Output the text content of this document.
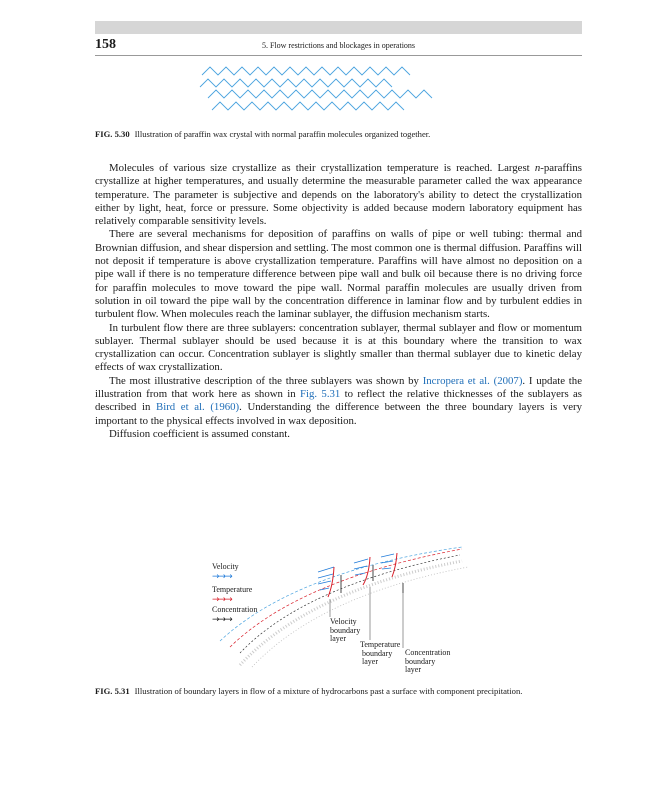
158	5. Flow restrictions and blockages in operations
FIG. 5.30 Illustration of paraffin wax crystal with normal paraffin molecules organized together.

Molecules of various size crystallize as their crystallization temperature is reached. Largest n-paraffins crystallize at higher temperatures, and usually determine the measurable parameter called the wax appearance temperature. The parameter is subjective and depends on the laboratory's ability to detect the crystallization either by light, heat, force or pressure. Some objectivity is added because modern laboratory equipment has relatively comparable sensitivity levels.

There are several mechanisms for deposition of paraffins on walls of pipe or well tubing: thermal and Brownian diffusion, and shear dispersion and settling. The most common one is thermal diffusion. Paraffins will not deposit if temperature is above crystallization temperature. Paraffins will have almost no deposition on a pipe wall if there is no temperature difference between pipe wall and bulk oil because there is no driving force for paraffin molecules to move toward the pipe wall. Normal paraffin molecules are usually driven from solution in oil toward the pipe wall by the concentration difference in laminar flow and by turbulent eddies in turbulent flow. When molecules reach the laminar sublayer, the diffusion mechanism starts.

In turbulent flow there are three sublayers: concentration sublayer, thermal sublayer and flow or momentum sublayer. Thermal sublayer should be used because it is at this boundary where the transition to wax crystallization can occur. Concentration sublayer is slightly smaller than thermal sublayer due to kinetic delay effects of wax crystallization.

The most illustrative description of the three sublayers was shown by Incropera et al. (2007). I update the illustration from that work here as shown in Fig. 5.31 to reflect the relative thicknesses of the sublayers as described in Bird et al. (1960). Understanding the difference between the three boundary layers is very important to the physical effects involved in wax deposition.

Diffusion coefficient is assumed constant.

Velocity
→→→
Temperature
→→→
Concentration
→→→	Velocity
boundary
layer
Temperature
boundary
layer
Concentration
boundary
layer
FIG. 5.31 Illustration of boundary layers in flow of a mixture of hydrocarbons past a surface with component precipitation.
